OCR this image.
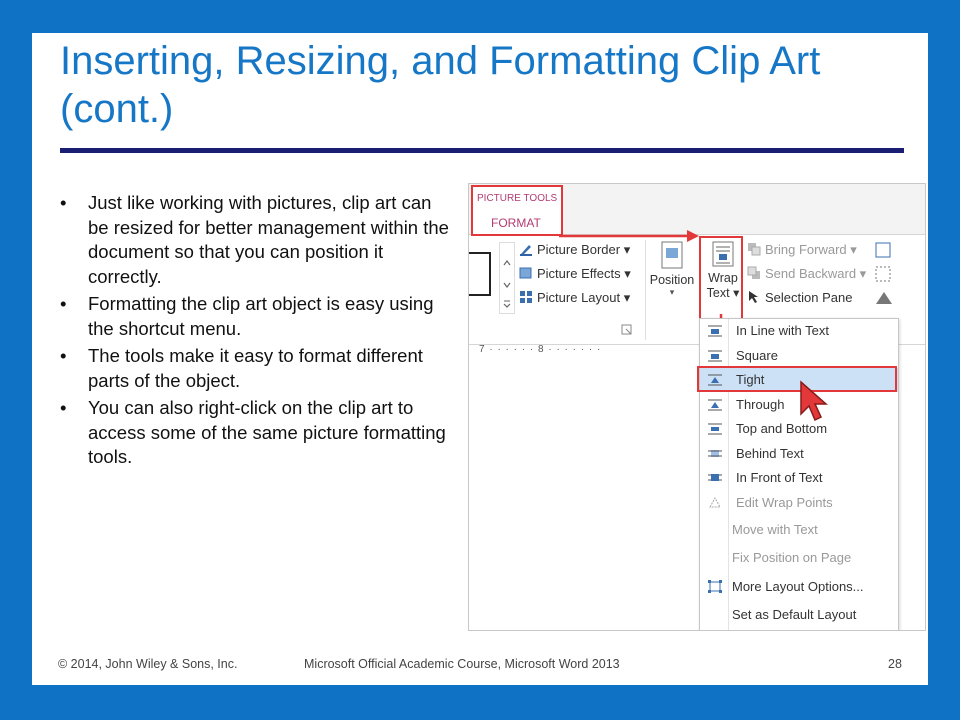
Inserting, Resizing, and Formatting Clip Art (cont.)
• Just like working with pictures, clip art can be resized for better management within the document so that you can position it correctly.
• Formatting the clip art object is easy using the shortcut menu.
• The tools make it easy to format different parts of the object.
• You can also right-click on the clip art to access some of the same picture formatting tools.
PICTURE TOOLS
FORMAT
Picture Border ▾
Picture Effects ▾
Picture Layout ▾
Position
▾
Wrap
Text ▾
Bring Forward ▾
Send Backward ▾
Selection Pane
7 · · · · · · 8 · · · · · · ·
In Line with Text
Square
Tight
Through
Top and Bottom
Behind Text
In Front of Text
Edit Wrap Points
Move with Text
Fix Position on Page
More Layout Options...
Set as Default Layout
© 2014, John Wiley & Sons, Inc.	Microsoft Official Academic Course, Microsoft Word 2013	28
